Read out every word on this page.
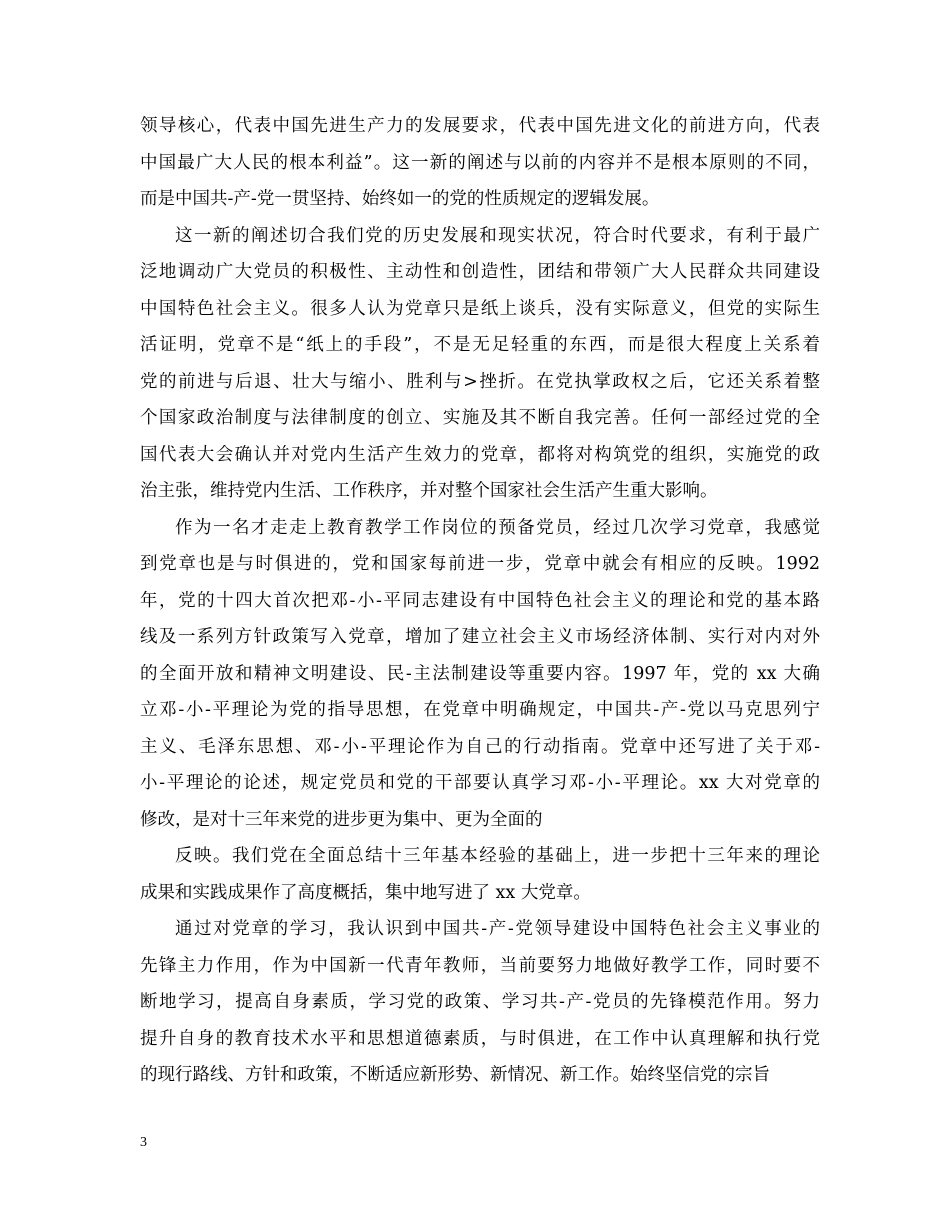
领导核心，代表中国先进生产力的发展要求，代表中国先进文化的前进方向，代表
中国最广大人民的根本利益”。这一新的阐述与以前的内容并不是根本原则的不同，
而是中国共-产-党一贯坚持、始终如一的党的性质规定的逻辑发展。
这一新的阐述切合我们党的历史发展和现实状况，符合时代要求，有利于最广
泛地调动广大党员的积极性、主动性和创造性，团结和带领广大人民群众共同建设
中国特色社会主义。很多人认为党章只是纸上谈兵，没有实际意义，但党的实际生
活证明，党章不是“纸上的手段”，不是无足轻重的东西，而是很大程度上关系着
党的前进与后退、壮大与缩小、胜利与>挫折。在党执掌政权之后，它还关系着整
个国家政治制度与法律制度的创立、实施及其不断自我完善。任何一部经过党的全
国代表大会确认并对党内生活产生效力的党章，都将对构筑党的组织，实施党的政
治主张，维持党内生活、工作秩序，并对整个国家社会生活产生重大影响。
作为一名才走走上教育教学工作岗位的预备党员，经过几次学习党章，我感觉
到党章也是与时俱进的，党和国家每前进一步，党章中就会有相应的反映。1992
年，党的十四大首次把邓-小-平同志建设有中国特色社会主义的理论和党的基本路
线及一系列方针政策写入党章，增加了建立社会主义市场经济体制、实行对内对外
的全面开放和精神文明建设、民-主法制建设等重要内容。1997 年，党的 xx 大确
立邓-小-平理论为党的指导思想，在党章中明确规定，中国共-产-党以马克思列宁
主义、毛泽东思想、邓-小-平理论作为自己的行动指南。党章中还写进了关于邓-
小-平理论的论述，规定党员和党的干部要认真学习邓-小-平理论。xx 大对党章的
修改，是对十三年来党的进步更为集中、更为全面的
反映。我们党在全面总结十三年基本经验的基础上，进一步把十三年来的理论
成果和实践成果作了高度概括，集中地写进了 xx 大党章。
通过对党章的学习，我认识到中国共-产-党领导建设中国特色社会主义事业的
先锋主力作用，作为中国新一代青年教师，当前要努力地做好教学工作，同时要不
断地学习，提高自身素质，学习党的政策、学习共-产-党员的先锋模范作用。努力
提升自身的教育技术水平和思想道德素质，与时俱进，在工作中认真理解和执行党
的现行路线、方针和政策，不断适应新形势、新情况、新工作。始终坚信党的宗旨
3
